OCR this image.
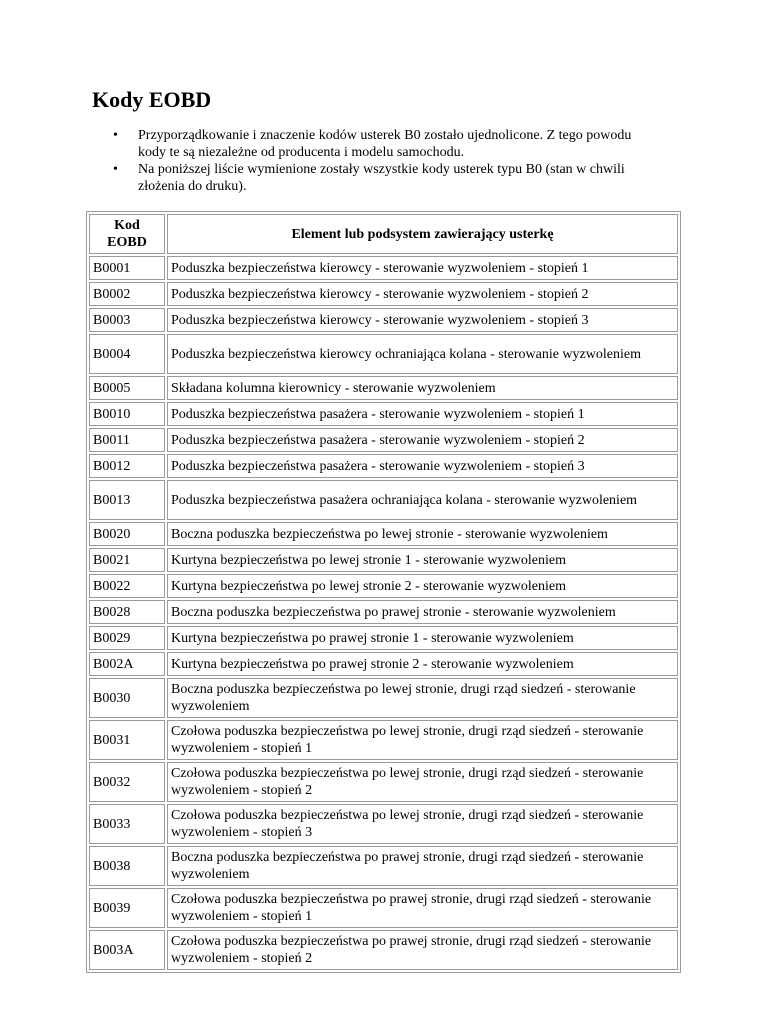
Kody EOBD
• Przyporządkowanie i znaczenie kodów usterek B0 zostało ujednolicone. Z tego powodu kody te są niezależne od producenta i modelu samochodu.
• Na poniższej liście wymienione zostały wszystkie kody usterek typu B0 (stan w chwili złożenia do druku).
Kod EOBD	Element lub podsystem zawierający usterkę
B0001	Poduszka bezpieczeństwa kierowcy - sterowanie wyzwoleniem - stopień 1
B0002	Poduszka bezpieczeństwa kierowcy - sterowanie wyzwoleniem - stopień 2
B0003	Poduszka bezpieczeństwa kierowcy - sterowanie wyzwoleniem - stopień 3
B0004	Poduszka bezpieczeństwa kierowcy ochraniająca kolana - sterowanie wyzwoleniem
B0005	Składana kolumna kierownicy - sterowanie wyzwoleniem
B0010	Poduszka bezpieczeństwa pasażera - sterowanie wyzwoleniem - stopień 1
B0011	Poduszka bezpieczeństwa pasażera - sterowanie wyzwoleniem - stopień 2
B0012	Poduszka bezpieczeństwa pasażera - sterowanie wyzwoleniem - stopień 3
B0013	Poduszka bezpieczeństwa pasażera ochraniająca kolana - sterowanie wyzwoleniem
B0020	Boczna poduszka bezpieczeństwa po lewej stronie - sterowanie wyzwoleniem
B0021	Kurtyna bezpieczeństwa po lewej stronie 1 - sterowanie wyzwoleniem
B0022	Kurtyna bezpieczeństwa po lewej stronie 2 - sterowanie wyzwoleniem
B0028	Boczna poduszka bezpieczeństwa po prawej stronie - sterowanie wyzwoleniem
B0029	Kurtyna bezpieczeństwa po prawej stronie 1 - sterowanie wyzwoleniem
B002A	Kurtyna bezpieczeństwa po prawej stronie 2 - sterowanie wyzwoleniem
B0030	Boczna poduszka bezpieczeństwa po lewej stronie, drugi rząd siedzeń - sterowanie wyzwoleniem
B0031	Czołowa poduszka bezpieczeństwa po lewej stronie, drugi rząd siedzeń - sterowanie wyzwoleniem - stopień 1
B0032	Czołowa poduszka bezpieczeństwa po lewej stronie, drugi rząd siedzeń - sterowanie wyzwoleniem - stopień 2
B0033	Czołowa poduszka bezpieczeństwa po lewej stronie, drugi rząd siedzeń - sterowanie wyzwoleniem - stopień 3
B0038	Boczna poduszka bezpieczeństwa po prawej stronie, drugi rząd siedzeń - sterowanie wyzwoleniem
B0039	Czołowa poduszka bezpieczeństwa po prawej stronie, drugi rząd siedzeń - sterowanie wyzwoleniem - stopień 1
B003A	Czołowa poduszka bezpieczeństwa po prawej stronie, drugi rząd siedzeń - sterowanie wyzwoleniem - stopień 2
